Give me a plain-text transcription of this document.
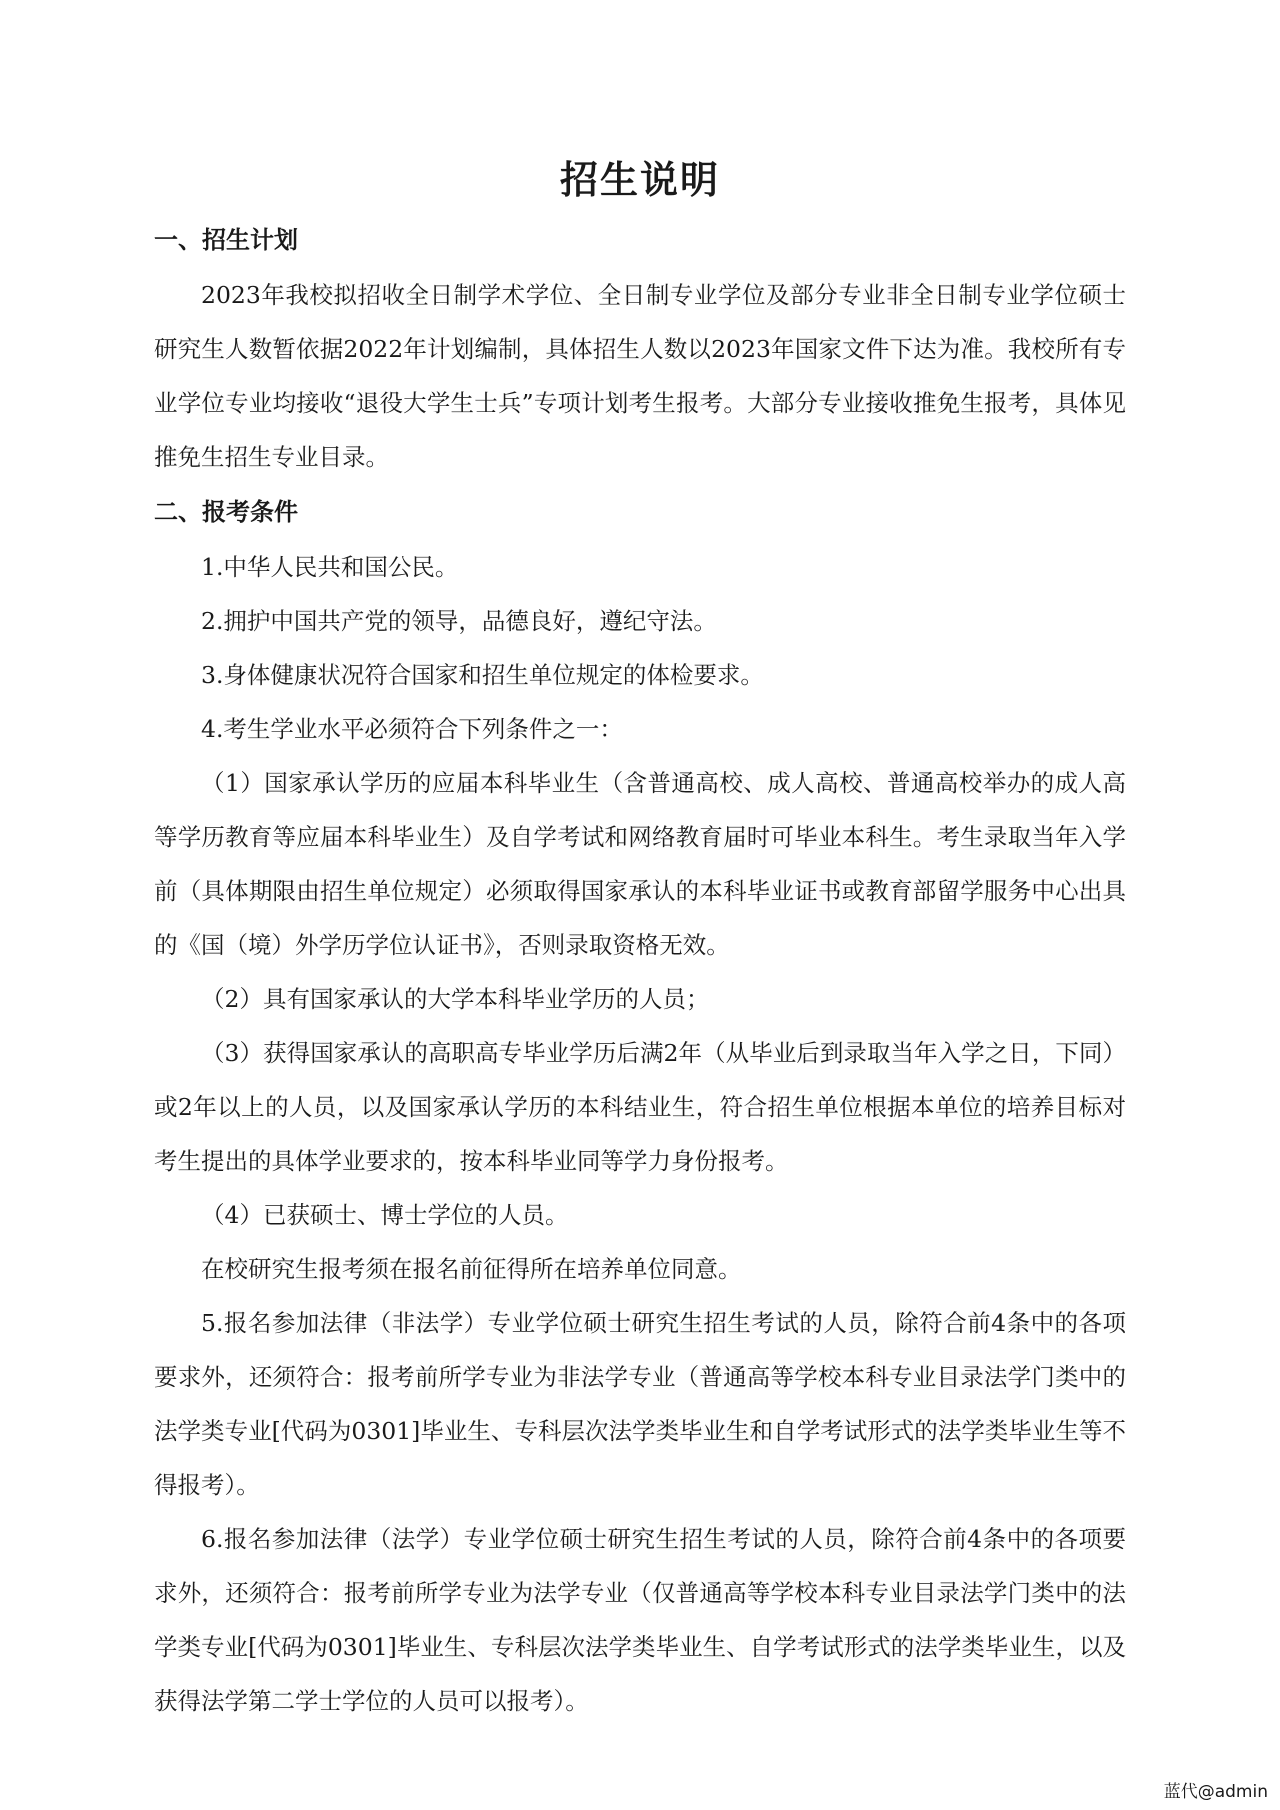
招生说明
一、招生计划

2023年我校拟招收全日制学术学位、全日制专业学位及部分专业非全日制专业学位硕士研究生人数暂依据2022年计划编制，具体招生人数以2023年国家文件下达为准。我校所有专业学位专业均接收“退役大学生士兵”专项计划考生报考。大部分专业接收推免生报考，具体见推免生招生专业目录。

二、报考条件

1.中华人民共和国公民。

2.拥护中国共产党的领导，品德良好，遵纪守法。

3.身体健康状况符合国家和招生单位规定的体检要求。

4.考生学业水平必须符合下列条件之一：

（1）国家承认学历的应届本科毕业生（含普通高校、成人高校、普通高校举办的成人高等学历教育等应届本科毕业生）及自学考试和网络教育届时可毕业本科生。考生录取当年入学前（具体期限由招生单位规定）必须取得国家承认的本科毕业证书或教育部留学服务中心出具的《国（境）外学历学位认证书》，否则录取资格无效。

（2）具有国家承认的大学本科毕业学历的人员；

（3）获得国家承认的高职高专毕业学历后满2年（从毕业后到录取当年入学之日，下同）或2年以上的人员，以及国家承认学历的本科结业生，符合招生单位根据本单位的培养目标对考生提出的具体学业要求的，按本科毕业同等学力身份报考。

（4）已获硕士、博士学位的人员。

在校研究生报考须在报名前征得所在培养单位同意。

5.报名参加法律（非法学）专业学位硕士研究生招生考试的人员，除符合前4条中的各项要求外，还须符合：报考前所学专业为非法学专业（普通高等学校本科专业目录法学门类中的法学类专业[代码为0301]毕业生、专科层次法学类毕业生和自学考试形式的法学类毕业生等不得报考）。

6.报名参加法律（法学）专业学位硕士研究生招生考试的人员，除符合前4条中的各项要求外，还须符合：报考前所学专业为法学专业（仅普通高等学校本科专业目录法学门类中的法学类专业[代码为0301]毕业生、专科层次法学类毕业生、自学考试形式的法学类毕业生，以及获得法学第二学士学位的人员可以报考）。

蓝代@admin
